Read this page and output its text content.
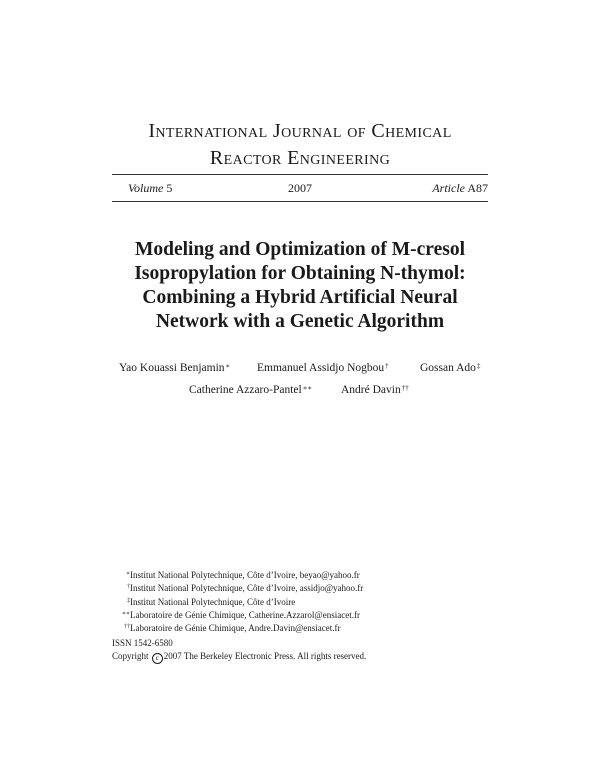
International Journal of Chemical
Reactor Engineering
Volume 5	2007	Article A87
Modeling and Optimization of M-cresol
Isopropylation for Obtaining N-thymol:
Combining a Hybrid Artificial Neural
Network with a Genetic Algorithm
Yao Kouassi Benjamin∗ Emmanuel Assidjo Nogbou†	Gossan Ado‡
Catherine Azzaro-Pantel∗∗	André Davin††
∗Institut National Polytechnique, Côte d’Ivoire, beyao@yahoo.fr
†Institut National Polytechnique, Côte d’Ivoire, assidjo@yahoo.fr
‡Institut National Polytechnique, Côte d’Ivoire
∗∗Laboratoire de Génie Chimique, Catherine.Azzarol@ensiacet.fr
††Laboratoire de Génie Chimique, Andre.Davin@ensiacet.fr
ISSN 1542-6580
Copyright c 2007 The Berkeley Electronic Press. All rights reserved.
